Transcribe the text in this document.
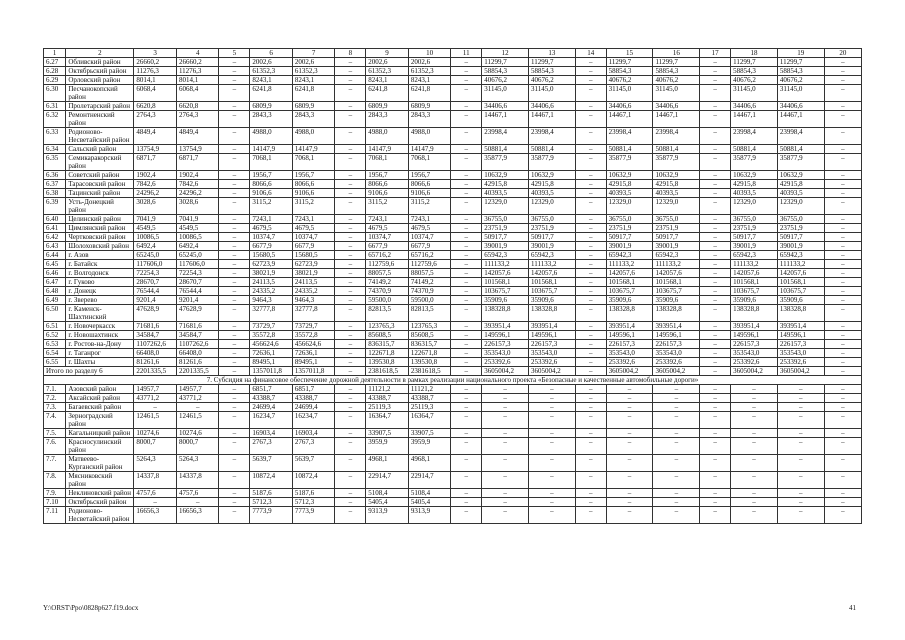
1	2	3	4	5	6	7	8	9	10	11	12	13	14	15	16	17	18	19	20
6.27	Обливский район	26660,2	26660,2	–	2002,6	2002,6	–	2002,6	2002,6	–	11299,7	11299,7	–	11299,7	11299,7	–	11299,7	11299,7	–
6.28	Октябрьский район	11276,3	11276,3	–	61352,3	61352,3	–	61352,3	61352,3	–	58854,3	58854,3	–	58854,3	58854,3	–	58854,3	58854,3	–
6.29	Орловский район	8014,1	8014,1	–	8243,1	8243,1	–	8243,1	8243,1	–	40676,2	40676,2	–	40676,2	40676,2	–	40676,2	40676,2	–
6.30	Песчанокопский район	6068,4	6068,4	–	6241,8	6241,8	–	6241,8	6241,8	–	31145,0	31145,0	–	31145,0	31145,0	–	31145,0	31145,0	–
6.31	Пролетарский район	6620,8	6620,8	–	6809,9	6809,9	–	6809,9	6809,9	–	34406,6	34406,6	–	34406,6	34406,6	–	34406,6	34406,6	–
6.32	Ремонтненский район	2764,3	2764,3	–	2843,3	2843,3	–	2843,3	2843,3	–	14467,1	14467,1	–	14467,1	14467,1	–	14467,1	14467,1	–
6.33	Родионово-Несветайский район	4849,4	4849,4	–	4988,0	4988,0	–	4988,0	4988,0	–	23998,4	23998,4	–	23998,4	23998,4	–	23998,4	23998,4	–
6.34	Сальский район	13754,9	13754,9	–	14147,9	14147,9	–	14147,9	14147,9	–	50881,4	50881,4	–	50881,4	50881,4	–	50881,4	50881,4	–
6.35	Семикаракорский район	6871,7	6871,7	–	7068,1	7068,1	–	7068,1	7068,1	–	35877,9	35877,9	–	35877,9	35877,9	–	35877,9	35877,9	–
6.36	Советский район	1902,4	1902,4	–	1956,7	1956,7	–	1956,7	1956,7	–	10632,9	10632,9	–	10632,9	10632,9	–	10632,9	10632,9	–
6.37	Тарасовский район	7842,6	7842,6	–	8066,6	8066,6	–	8066,6	8066,6	–	42915,8	42915,8	–	42915,8	42915,8	–	42915,8	42915,8	–
6.38	Тацинский район	24296,2	24296,2	–	9106,6	9106,6	–	9106,6	9106,6	–	40393,5	40393,5	–	40393,5	40393,5	–	40393,5	40393,5	–
6.39	Усть-Донецкий район	3028,6	3028,6	–	3115,2	3115,2	–	3115,2	3115,2	–	12329,0	12329,0	–	12329,0	12329,0	–	12329,0	12329,0	–
6.40	Целинский район	7041,9	7041,9	–	7243,1	7243,1	–	7243,1	7243,1	–	36755,0	36755,0	–	36755,0	36755,0	–	36755,0	36755,0	–
6.41	Цимлянский район	4549,5	4549,5	–	4679,5	4679,5	–	4679,5	4679,5	–	23751,9	23751,9	–	23751,9	23751,9	–	23751,9	23751,9	–
6.42	Чертковский район	10086,5	10086,5	–	10374,7	10374,7	–	10374,7	10374,7	–	50917,7	50917,7	–	50917,7	50917,7	–	50917,7	50917,7	–
6.43	Шолоховский район	6492,4	6492,4	–	6677,9	6677,9	–	6677,9	6677,9	–	39001,9	39001,9	–	39001,9	39001,9	–	39001,9	39001,9	–
6.44	г. Азов	65245,0	65245,0	–	15680,5	15680,5	–	65716,2	65716,2	–	65942,3	65942,3	–	65942,3	65942,3	–	65942,3	65942,3	–
6.45	г. Батайск	117606,0	117606,0	–	62723,9	62723,9	–	112759,6	112759,6	–	111133,2	111133,2	–	111133,2	111133,2	–	111133,2	111133,2	–
6.46	г. Волгодонск	72254,3	72254,3	–	38021,9	38021,9	–	88057,5	88057,5	–	142057,6	142057,6	–	142057,6	142057,6	–	142057,6	142057,6	–
6.47	г. Гуково	28670,7	28670,7	–	24113,5	24113,5	–	74149,2	74149,2	–	101568,1	101568,1	–	101568,1	101568,1	–	101568,1	101568,1	–
6.48	г. Донецк	76544,4	76544,4	–	24335,2	24335,2	–	74370,9	74370,9	–	103675,7	103675,7	–	103675,7	103675,7	–	103675,7	103675,7	–
6.49	г. Зверево	9201,4	9201,4	–	9464,3	9464,3	–	59500,0	59500,0	–	35909,6	35909,6	–	35909,6	35909,6	–	35909,6	35909,6	–
6.50	г. Каменск-Шахтинский	47628,9	47628,9	–	32777,8	32777,8	–	82813,5	82813,5	–	138328,8	138328,8	–	138328,8	138328,8	–	138328,8	138328,8	–
6.51	г. Новочеркасск	71681,6	71681,6	–	73729,7	73729,7	–	123765,3	123765,3	–	393951,4	393951,4	–	393951,4	393951,4	–	393951,4	393951,4	–
6.52	г. Новошахтинск	34584,7	34584,7	–	35572,8	35572,8	–	85608,5	85608,5	–	149596,1	149596,1	–	149596,1	149596,1	–	149596,1	149596,1	–
6.53	г. Ростов-на-Дону	1107262,6	1107262,6	–	456624,6	456624,6	–	836315,7	836315,7	–	226157,3	226157,3	–	226157,3	226157,3	–	226157,3	226157,3	–
6.54	г. Таганрог	66408,0	66408,0	–	72636,1	72636,1	–	122671,8	122671,8	–	353543,0	353543,0	–	353543,0	353543,0	–	353543,0	353543,0	–
6.55	г. Шахты	81261,6	81261,6	–	89495,1	89495,1	–	139530,8	139530,8	–	253392,6	253392,6	–	253392,6	253392,6	–	253392,6	253392,6	–
Итого по разделу 6		2201335,5	2201335,5	–	1357011,8	1357011,8	–	2381618,5	2381618,5	–	3605004,2	3605004,2	–	3605004,2	3605004,2	–	3605004,2	3605004,2	–
7. Субсидия на финансовое обеспечение дорожной деятельности в рамках реализации национального проекта «Безопасные и качественные автомобильные дороги»																			
7.1.	Азовский район	14957,7	14957,7	–	6851,7	6851,7	–	11121,2	11121,2	–	–	–	–	–	–	–	–	–	–
7.2.	Аксайский район	43771,2	43771,2	–	43388,7	43388,7	–	43388,7	43388,7	–	–	–	–	–	–	–	–	–	–
7.3.	Багаевский район	–	–	–	24699,4	24699,4	–	25119,3	25119,3	–	–	–	–	–	–	–	–	–	–
7.4.	Зерноградский район	12461,5	12461,5	–	16234,7	16234,7	–	16364,7	16364,7	–	–	–	–	–	–	–	–	–	–
7.5.	Кагальницкий район	10274,6	10274,6	–	16903,4	16903,4	–	33907,5	33907,5	–	–	–	–	–	–	–	–	–	–
7.6.	Красносулинский район	8000,7	8000,7	–	2767,3	2767,3	–	3959,9	3959,9	–	–	–	–	–	–	–	–	–	–
7.7.	Матвеево-Курганский район	5264,3	5264,3	–	5639,7	5639,7	–	4968,1	4968,1	–	–	–	–	–	–	–	–	–	–
7.8.	Мясниковский район	14337,8	14337,8	–	10872,4	10872,4	–	22914,7	22914,7	–	–	–	–	–	–	–	–	–	–
7.9.	Неклиновский район	4757,6	4757,6	–	5187,6	5187,6	–	5108,4	5108,4	–	–	–	–	–	–	–	–	–	–
7.10	Октябрьский район	–	–	–	5712,3	5712,3	–	5405,4	5405,4	–	–	–	–	–	–	–	–	–	–
7.11	Родионово-Несветайский район	16656,3	16656,3	–	7773,9	7773,9	–	9313,9	9313,9	–	–	–	–	–	–	–	–	–	–
Y:\ORST\Ppo\0828p627.f19.docx	41
